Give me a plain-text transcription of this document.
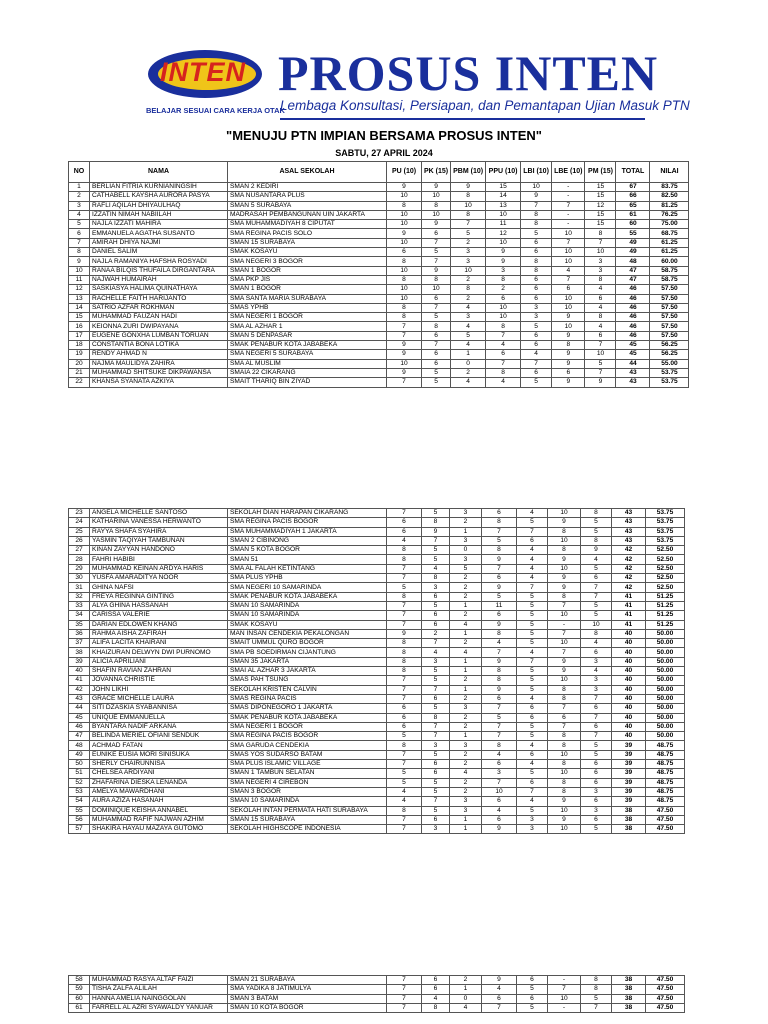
INTEN
BELAJAR SESUAI CARA KERJA OTAK
PROSUS INTEN
Lembaga Konsultasi, Persiapan, dan Pemantapan Ujian Masuk PTN
"MENUJU PTN IMPIAN BERSAMA PROSUS INTEN"
SABTU, 27 APRIL 2024
NO	NAMA	ASAL SEKOLAH	PU (10)	PK (15)	PBM (10)	PPU (10)	LBI (10)	LBE (10)	PM (15)	TOTAL	NILAI
1	BERLIAN FITRIA KURNIANINGSIH	SMAN 2 KEDIRI	9	9	9	15	10	-	15	67	83.75
2	CATHABELL KAYSHA AURORA PASYA	SMA NUSANTARA PLUS	10	10	8	14	9	-	15	66	82.50
3	RAFLI AQILAH DHIYAULHAQ	SMAN 5 SURABAYA	8	8	10	13	7	7	12	65	81.25
4	IZZATIN NIMAH NABIILAH	MADRASAH PEMBANGUNAN UIN JAKARTA	10	10	8	10	8	-	15	61	76.25
5	NAJLA IZZATI MAHIRA	SMA MUHAMMADIYAH 8 CIPUTAT	10	9	7	11	8	-	15	60	75.00
6	EMMANUELA AGATHA SUSANTO	SMA REGINA PACIS SOLO	9	6	5	12	5	10	8	55	68.75
7	AMIRAH DHIYA NAJMI	SMAN 15 SURABAYA	10	7	2	10	6	7	7	49	61.25
8	DANIEL SALIM	SMAK KOSAYU	6	5	3	9	6	10	10	49	61.25
9	NAJLA RAMANIYA HAFSHA ROSYADI	SMA NEGERI 3 BOGOR	8	7	3	9	8	10	3	48	60.00
10	RANAA BILQIS THUFAILA DIRGANTARA	SMAN 1 BOGOR	10	9	10	3	8	4	3	47	58.75
11	NAJWAH HUMAIRAH	SMA PKP JIS	8	8	2	8	6	7	8	47	58.75
12	SASKIASYA HALIMA QUINATHAYA	SMAN 1 BOGOR	10	10	8	2	6	6	4	46	57.50
13	RACHELLE FAITH HARIJANTO	SMA SANTA MARIA SURABAYA	10	6	2	6	6	10	6	46	57.50
14	SATRIO AZFAR ROKHMAN	SMAS YPHB	8	7	4	10	3	10	4	46	57.50
15	MUHAMMAD FAUZAN HADI	SMA NEGERI 1 BOGOR	8	5	3	10	3	9	8	46	57.50
16	KEIONNA ZURI DWIPAYANA	SMA AL AZHAR 1	7	8	4	8	5	10	4	46	57.50
17	EUGENE GONXHA LUMBAN TORUAN	SMAN 5 DENPASAR	7	6	5	7	6	9	6	46	57.50
18	CONSTANTIA BONA LOTIKA	SMAK PENABUR KOTA JABABEKA	9	7	4	4	6	8	7	45	56.25
19	RENDY AHMAD N	SMA NEGERI 5 SURABAYA	9	6	1	6	4	9	10	45	56.25
20	NAJMA MAULIDYA ZAHIRA	SMA AL MUSLIM	10	6	0	7	7	9	5	44	55.00
21	MUHAMMAD SHITSUKE DIKPAWANSA	SMAIA 22 CIKARANG	9	5	2	8	6	6	7	43	53.75
22	KHANSA SYANATA AZKIYA	SMAIT THARIQ BIN ZIYAD	7	5	4	4	5	9	9	43	53.75
23	ANGELA MICHELLE SANTOSO	SEKOLAH DIAN HARAPAN CIKARANG	7	5	3	6	4	10	8	43	53.75
24	KATHARINA VANESSA HERWANTO	SMA REGINA PACIS BOGOR	6	8	2	8	5	9	5	43	53.75
25	RAYYA SHAFA SYAHIRA	SMA MUHAMMADIYAH 1 JAKARTA	6	9	1	7	7	8	5	43	53.75
26	YASMIN TAQIYAH TAMBUNAN	SMAN 2 CIBINONG	4	7	3	5	6	10	8	43	53.75
27	KINAN ZAYYAN HANDONO	SMAN 5 KOTA BOGOR	8	5	0	8	4	8	9	42	52.50
28	FAHRI HABIBI	SMAN 51	8	5	3	9	4	9	4	42	52.50
29	MUHAMMAD KEINAN ARDYA HARIS	SMA AL FALAH KETINTANG	7	4	5	7	4	10	5	42	52.50
30	YUSFA AMARADITYA NOOR	SMA PLUS YPHB	7	8	2	6	4	9	6	42	52.50
31	GHINA NAFSI	SMA NEGERI 10 SAMARINDA	5	3	2	9	7	9	7	42	52.50
32	FREYA REGINNA GINTING	SMAK PENABUR KOTA JABABEKA	8	6	2	5	5	8	7	41	51.25
33	ALYA GHINA HASSANAH	SMAN 10 SAMARINDA	7	5	1	11	5	7	5	41	51.25
34	CARISSA VALERIE	SMAN 10 SAMARINDA	7	6	2	6	5	10	5	41	51.25
35	DARIAN EDLOWEN KHANG	SMAK KOSAYU	7	6	4	9	5	-	10	41	51.25
36	RAHMA AISHA ZAFIRAH	MAN INSAN CENDEKIA PEKALONGAN	9	2	1	8	5	7	8	40	50.00
37	ALIFA LACITA KHAIRANI	SMAIT UMMUL QURO BOGOR	8	7	2	4	5	10	4	40	50.00
38	KHAIZURAN DELWYN DWI PURNOMO	SMA PB SOEDIRMAN CIJANTUNG	8	4	4	7	4	7	6	40	50.00
39	ALICIA APRILIANI	SMAN 35 JAKARTA	8	3	1	9	7	9	3	40	50.00
40	SHAFIN RAVIAN ZAHRAN	SMAI AL AZHAR 3 JAKARTA	8	5	1	8	5	9	4	40	50.00
41	JOVANNA CHRISTIE	SMAS PAH TSUNG	7	5	2	8	5	10	3	40	50.00
42	JOHN LIKHI	SEKOLAH KRISTEN CALVIN	7	7	1	9	5	8	3	40	50.00
43	GRACE MICHELLE LAURA	SMAS REGINA PACIS	7	6	2	6	4	8	7	40	50.00
44	SITI DZASKIA SYABANNISA	SMAS DIPONEGORO 1 JAKARTA	6	5	3	7	6	7	6	40	50.00
45	UNIQUE EMMANUELLA	SMAK PENABUR KOTA JABABEKA	6	8	2	5	6	6	7	40	50.00
46	BYANTARA NADIF ARKANA	SMA NEGERI 1 BOGOR	6	7	2	7	5	7	6	40	50.00
47	BELINDA MERIEL OFIANI SENDUK	SMA REGINA PACIS BOGOR	5	7	1	7	5	8	7	40	50.00
48	ACHMAD FATAN	SMA GARUDA CENDEKIA	8	3	3	8	4	8	5	39	48.75
49	EUNIKE EUSIA MORI SINISUKA	SMAS YOS SUDARSO BATAM	7	5	2	4	6	10	5	39	48.75
50	SHERLY CHAIRUNNISA	SMA PLUS ISLAMIC VILLAGE	7	6	2	6	4	8	6	39	48.75
51	CHELSEA ARDIYANI	SMAN 1 TAMBUN SELATAN	5	6	4	3	5	10	6	39	48.75
52	ZHAFARINA DIESKA LENANDA	SMA NEGERI 4 CIREBON	5	5	2	7	6	8	6	39	48.75
53	AMELYA MAWARDHANI	SMAN 3 BOGOR	4	5	2	10	7	8	3	39	48.75
54	AURA AZIZA HASANAH	SMAN 10 SAMARINDA	4	7	3	6	4	9	6	39	48.75
55	DOMINIQUE KEISHA ANNABEL	SEKOLAH INTAN PERMATA HATI SURABAYA	8	5	3	4	5	10	3	38	47.50
56	MUHAMMAD RAFIF NAJWAN AZHIM	SMAN 15 SURABAYA	7	6	1	6	3	9	6	38	47.50
57	SHAKIRA HAYAU MAZAYA GUTOMO	SEKOLAH HIGHSCOPE INDONESIA	7	3	1	9	3	10	5	38	47.50
58	MUHAMMAD RASYA ALTAF FAIZI	SMAN 21 SURABAYA	7	6	2	9	6	-	8	38	47.50
59	TISHA ZALFA ALILAH	SMA YADIKA 8 JATIMULYA	7	6	1	4	5	7	8	38	47.50
60	HANNA AMELIA NAINGGOLAN	SMAN 3 BATAM	7	4	0	6	6	10	5	38	47.50
61	FARRELL AL AZRI SYAWALDY YANUAR	SMAN 10 KOTA BOGOR	7	8	4	7	5	-	7	38	47.50
